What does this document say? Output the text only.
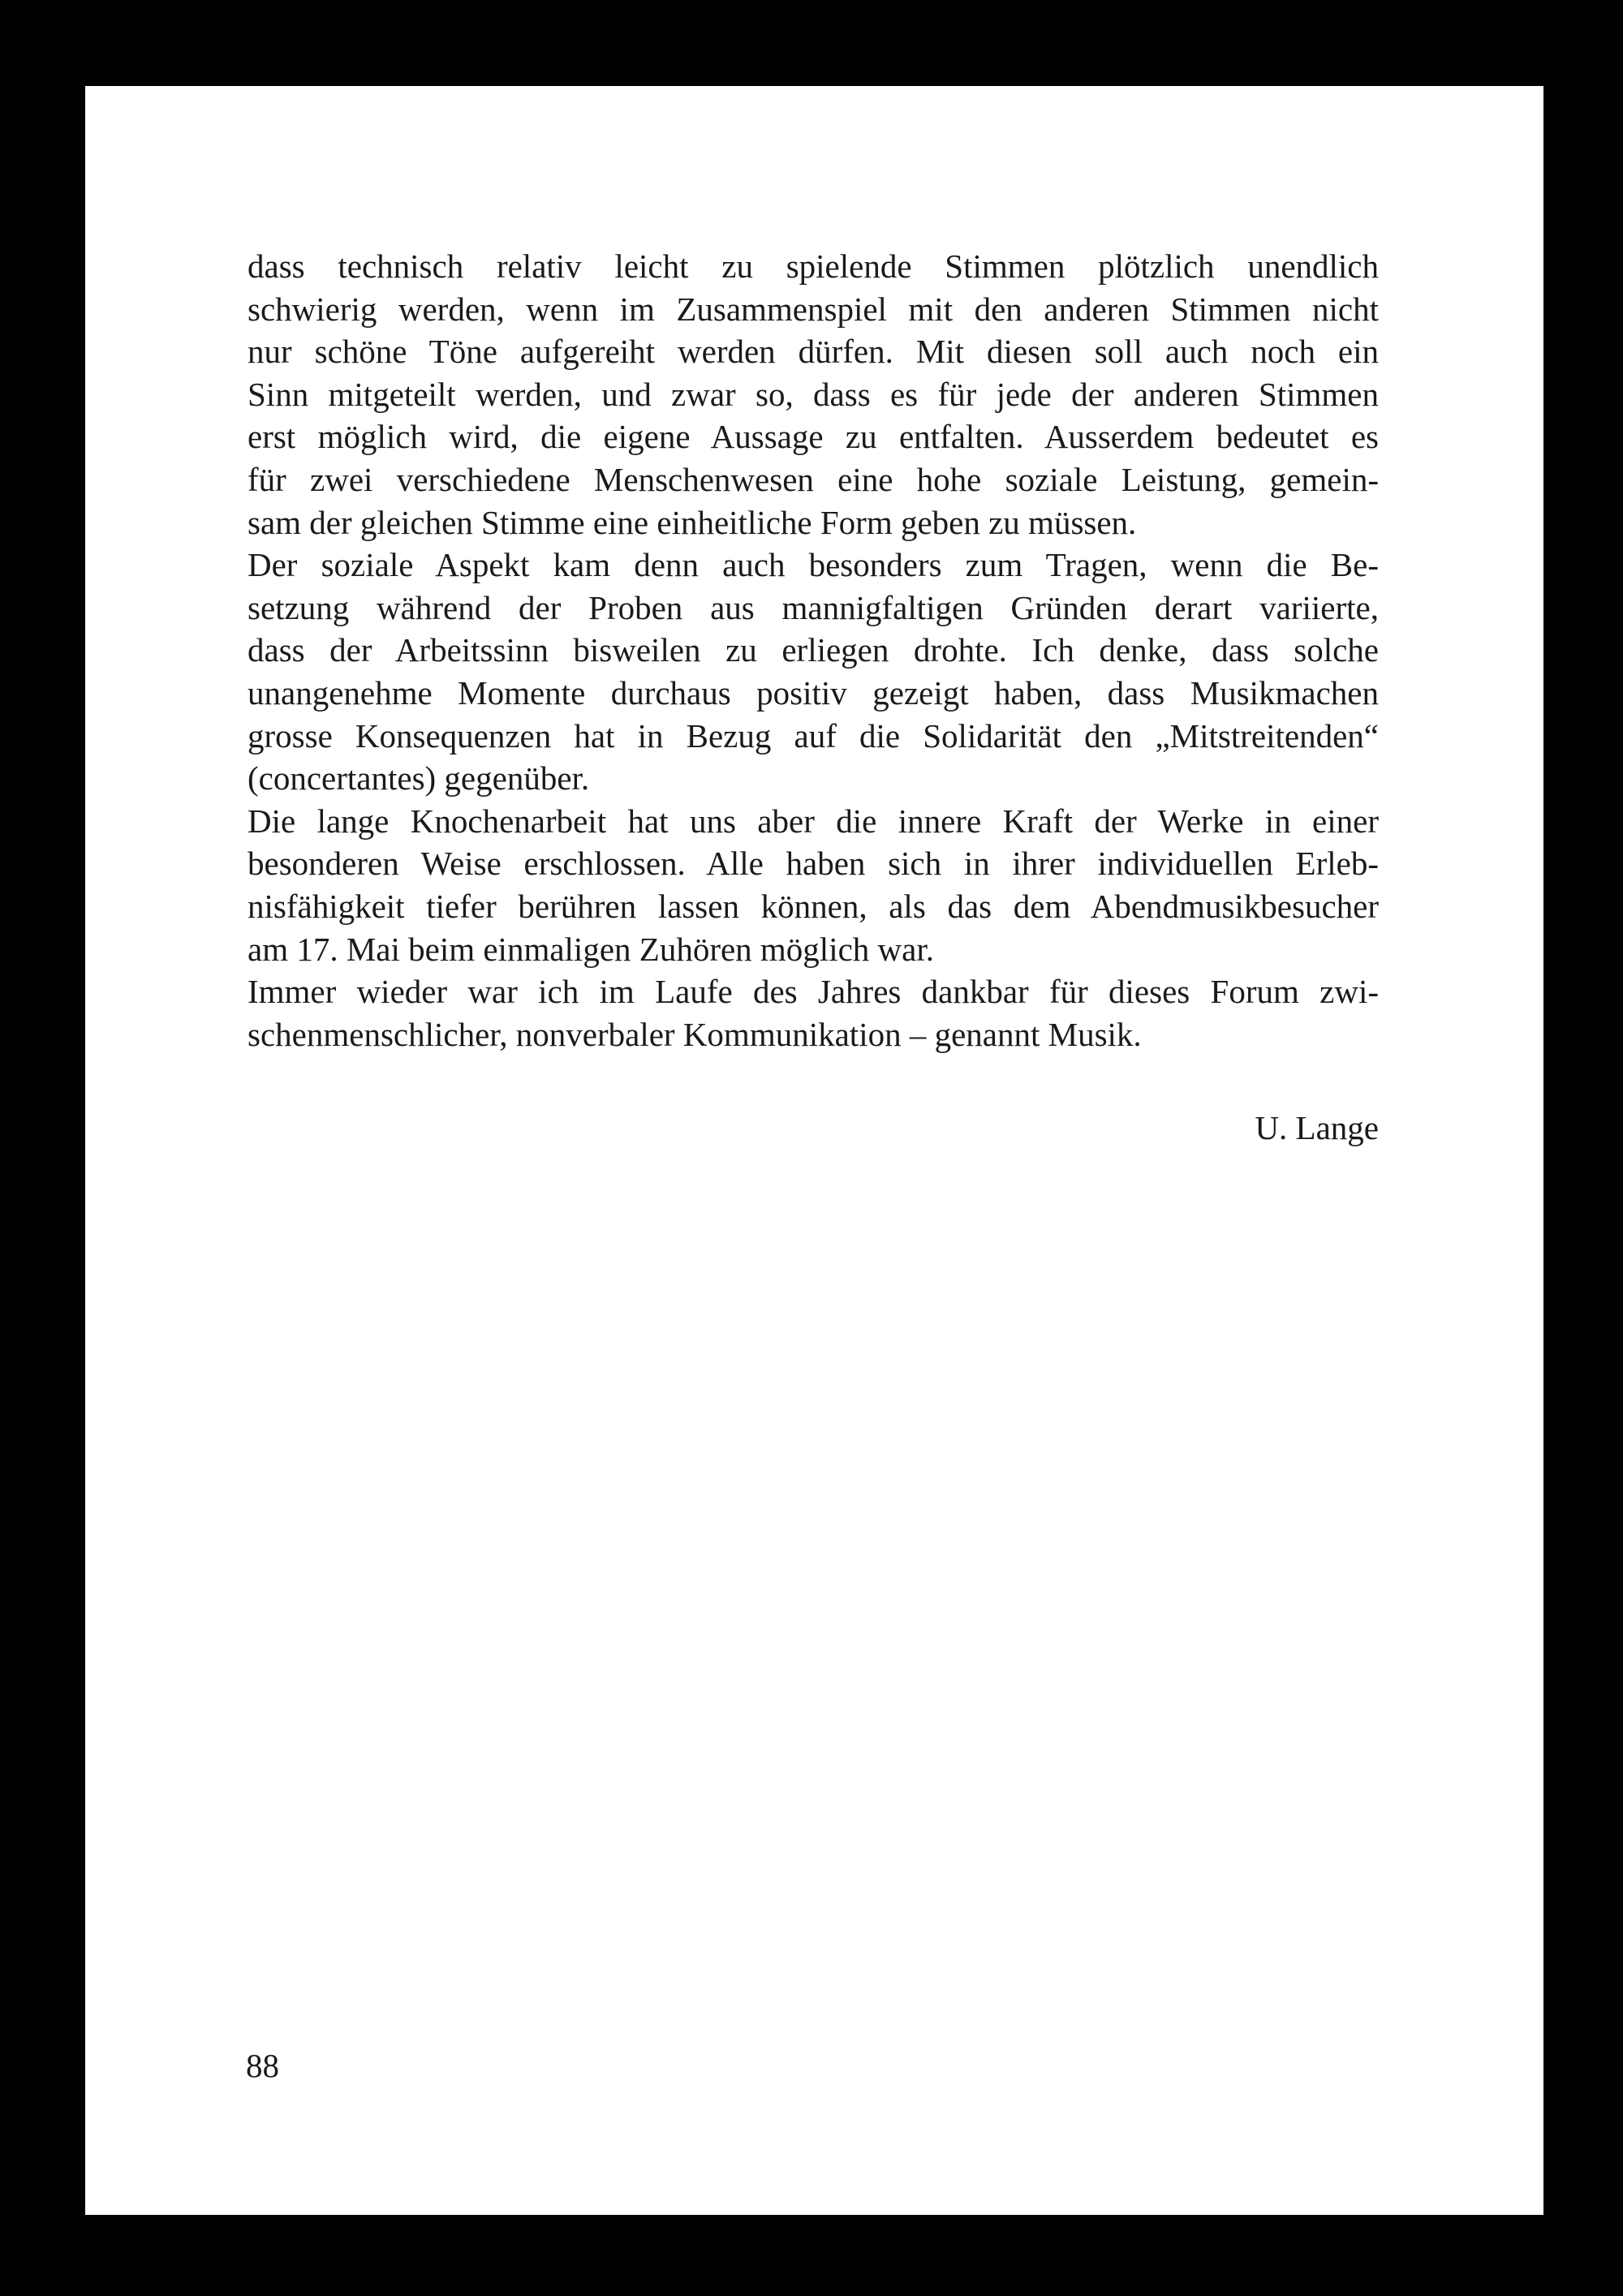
dass technisch relativ leicht zu spielende Stimmen plötzlich unendlich
schwierig werden, wenn im Zusammenspiel mit den anderen Stimmen nicht
nur schöne Töne aufgereiht werden dürfen. Mit diesen soll auch noch ein
Sinn mitgeteilt werden, und zwar so, dass es für jede der anderen Stimmen
erst möglich wird, die eigene Aussage zu entfalten. Ausserdem bedeutet es
für zwei verschiedene Menschenwesen eine hohe soziale Leistung, gemein-
sam der gleichen Stimme eine einheitliche Form geben zu müssen.
Der soziale Aspekt kam denn auch besonders zum Tragen, wenn die Be-
setzung während der Proben aus mannigfaltigen Gründen derart variierte,
dass der Arbeitssinn bisweilen zu erliegen drohte. Ich denke, dass solche
unangenehme Momente durchaus positiv gezeigt haben, dass Musikmachen
grosse Konsequenzen hat in Bezug auf die Solidarität den „Mitstreitenden“
(concertantes) gegenüber.
Die lange Knochenarbeit hat uns aber die innere Kraft der Werke in einer
besonderen Weise erschlossen. Alle haben sich in ihrer individuellen Erleb-
nisfähigkeit tiefer berühren lassen können, als das dem Abendmusikbesucher
am 17. Mai beim einmaligen Zuhören möglich war.
Immer wieder war ich im Laufe des Jahres dankbar für dieses Forum zwi-
schenmenschlicher, nonverbaler Kommunikation – genannt Musik.
U. Lange
88
